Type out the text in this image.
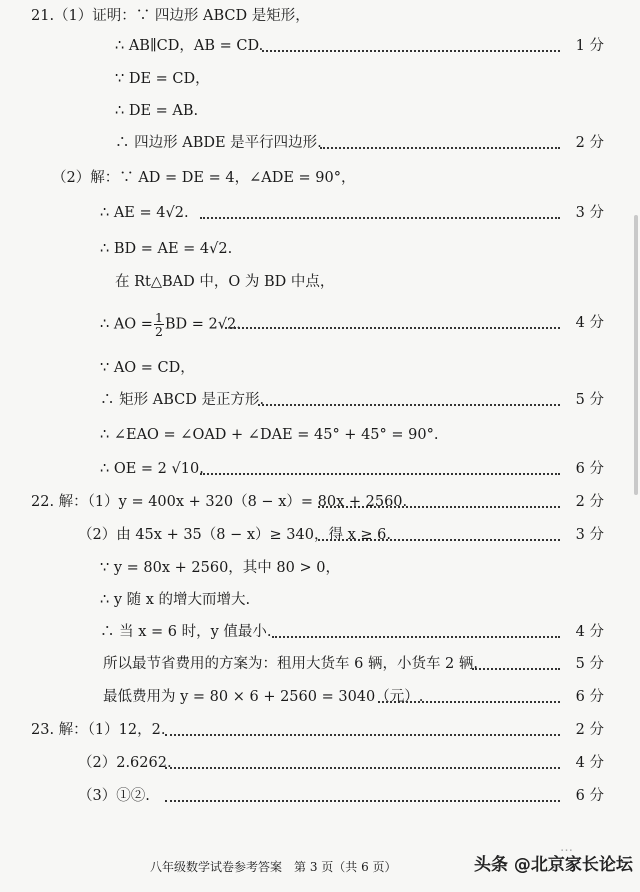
21.（1）证明：∵ 四边形 ABCD 是矩形，
∴ AB∥CD，AB = CD.	1 分
∵ DE = CD，
∴ DE = AB.
∴ 四边形 ABDE 是平行四边形.	2 分
（2）解：∵ AD = DE = 4，∠ADE = 90°，
∴ AE = 4√2.	3 分
∴ BD = AE = 4√2.
在 Rt△BAD 中，O 为 BD 中点，
∴ AO = $\frac{1}{2}$ BD = 2√2.	4 分
∵ AO = CD，
∴ 矩形 ABCD 是正方形.	5 分
∴ ∠EAO = ∠OAD + ∠DAE = 45° + 45° = 90°.
∴ OE = 2 √10.	6 分
22. 解：（1）y = 400x + 320（8 − x）= 80x + 2560.	2 分
（2）由 45x + 35（8 − x）≥ 340，得 x ≥ 6.	3 分
∵ y = 80x + 2560，其中 80 > 0，
∴ y 随 x 的增大而增大.
∴ 当 x = 6 时，y 值最小.	4 分
所以最节省费用的方案为：租用大货车 6 辆，小货车 2 辆.	5 分
最低费用为 y = 80 × 6 + 2560 = 3040（元）.	6 分
23. 解：（1）12，2.	2 分
（2）2.6262.	4 分
（3）①②.	6 分
八年级数学试卷参考答案　第 3 页（共 6 页）
…
头条 @北京家长论坛
